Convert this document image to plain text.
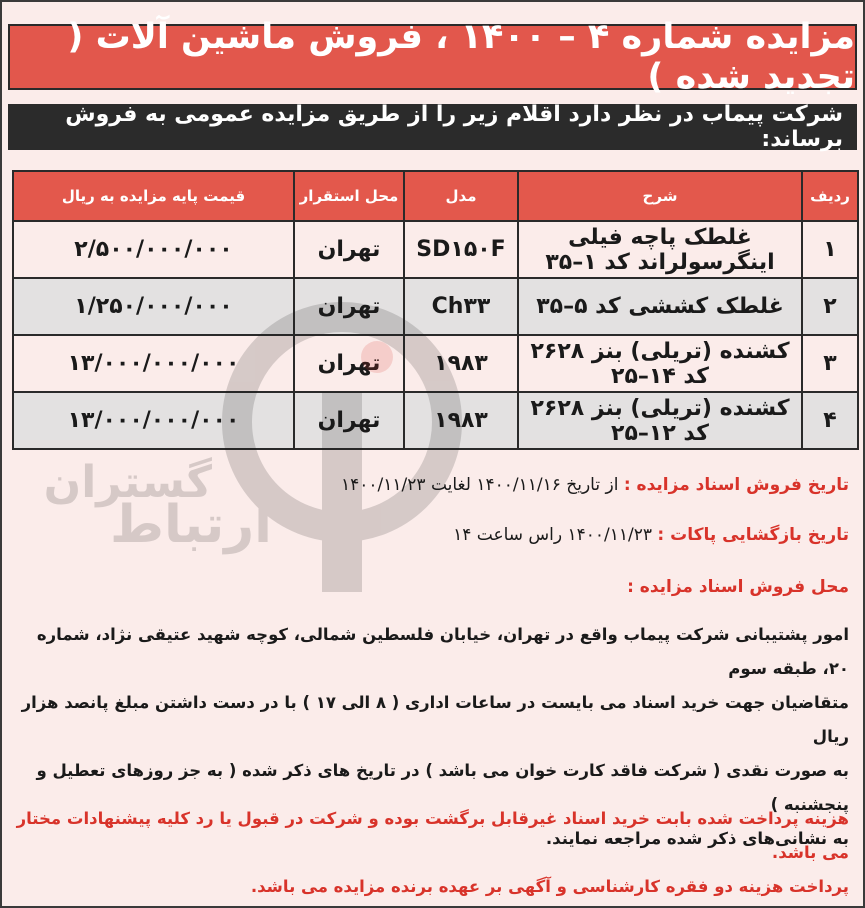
مزایده شماره ۴ – ۱۴۰۰ ، فروش ماشین آلات ( تجدید شده )
شرکت پیماب در نظر دارد اقلام زیر را از طریق مزایده عمومی به فروش برساند:
ردیف	شرح	مدل	محل استقرار	قیمت پایه مزایده به ریال
۱	غلطک پاچه فیلی اینگرسولراند کد ۱–۳۵	SD۱۵۰F	تهران	۲/۵۰۰/۰۰۰/۰۰۰
۲	غلطک کششی کد ۵–۳۵	Ch۳۳	تهران	۱/۲۵۰/۰۰۰/۰۰۰
۳	کشنده (تریلی) بنز ۲۶۲۸ کد ۱۴–۲۵	۱۹۸۳	تهران	۱۳/۰۰۰/۰۰۰/۰۰۰
۴	کشنده (تریلی) بنز ۲۶۲۸ کد ۱۲–۲۵	۱۹۸۳	تهران	۱۳/۰۰۰/۰۰۰/۰۰۰
ارتباط
گستران	تاریخ فروش اسناد مزایده : از تاریخ ۱۴۰۰/۱۱/۱۶ لغایت ۱۴۰۰/۱۱/۲۳
تاریخ بازگشایی پاکات : ۱۴۰۰/۱۱/۲۳ راس ساعت ۱۴
محل فروش اسناد مزایده :
امور پشتیبانی شرکت پیماب واقع در تهران، خیابان فلسطین شمالی، کوچه شهید عتیقی نژاد، شماره ۲۰، طبقه سوم
متقاضیان جهت خرید اسناد می بایست در ساعات اداری ( ۸ الی ۱۷ ) با در دست داشتن مبلغ پانصد هزار ریال
به صورت نقدی ( شرکت فاقد کارت خوان می باشد ) در تاریخ های ذکر شده ( به جز روزهای تعطیل و پنجشنبه )
به نشانی‌های ذکر شده مراجعه نمایند.
هزینه پرداخت شده بابت خرید اسناد غیرقابل برگشت بوده و شرکت در قبول یا رد کلیه پیشنهادات مختار می باشد.
پرداخت هزینه دو فقره کارشناسی و آگهی بر عهده برنده مزایده می باشد.
